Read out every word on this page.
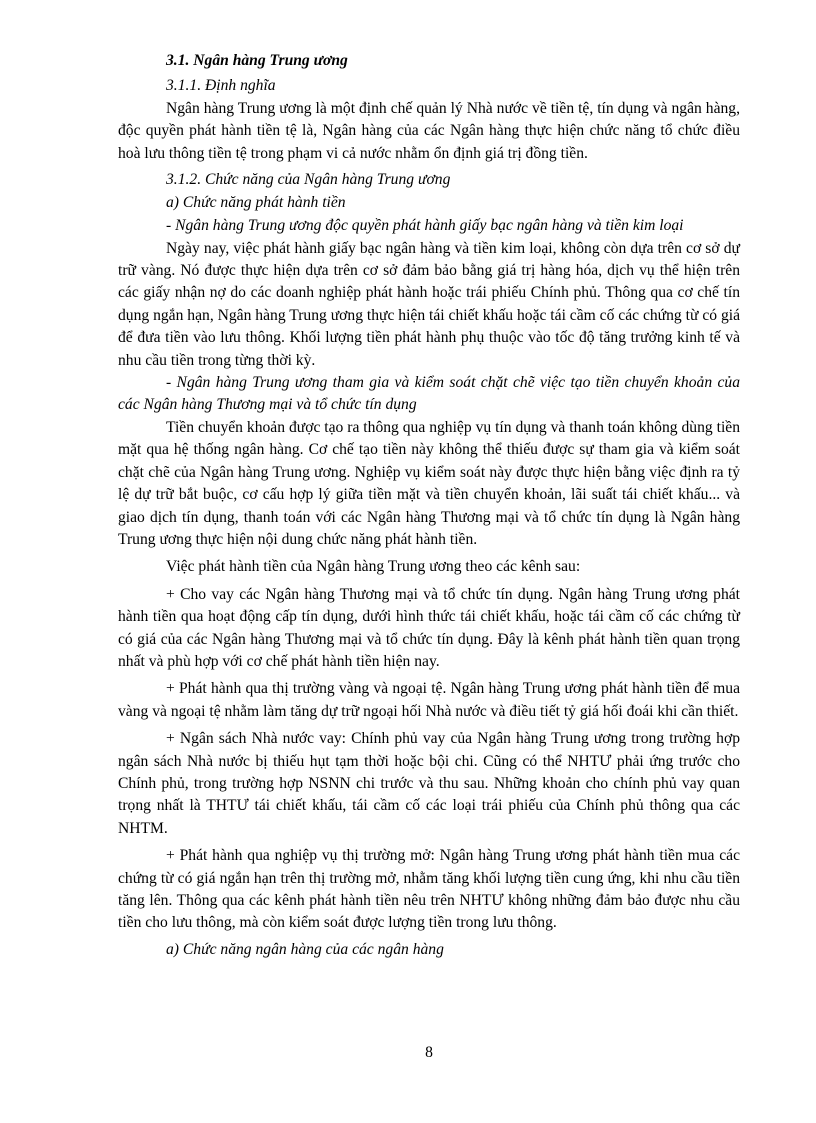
3.1. Ngân hàng Trung ương
3.1.1. Định nghĩa

Ngân hàng Trung ương là một định chế quản lý Nhà nước về tiền tệ, tín dụng và ngân hàng, độc quyền phát hành tiền tệ là, Ngân hàng của các Ngân hàng thực hiện chức năng tổ chức điều hoà lưu thông tiền tệ trong phạm vi cả nước nhằm ổn định giá trị đồng tiền.

3.1.2. Chức năng của Ngân hàng Trung ương
a) Chức năng phát hành tiền

- Ngân hàng Trung ương độc quyền phát hành giấy bạc ngân hàng và tiền kim loại

Ngày nay, việc phát hành giấy bạc ngân hàng và tiền kim loại, không còn dựa trên cơ sở dự trữ vàng. Nó được thực hiện dựa trên cơ sở đảm bảo bằng giá trị hàng hóa, dịch vụ thể hiện trên các giấy nhận nợ do các doanh nghiệp phát hành hoặc trái phiếu Chính phủ. Thông qua cơ chế tín dụng ngắn hạn, Ngân hàng Trung ương thực hiện tái chiết khấu hoặc tái cầm cố các chứng từ có giá để đưa tiền vào lưu thông. Khối lượng tiền phát hành phụ thuộc vào tốc độ tăng trưởng kinh tế và nhu cầu tiền trong từng thời kỳ.

- Ngân hàng Trung ương tham gia và kiểm soát chặt chẽ việc tạo tiền chuyển khoản của các Ngân hàng Thương mại và tổ chức tín dụng

Tiền chuyển khoản được tạo ra thông qua nghiệp vụ tín dụng và thanh toán không dùng tiền mặt qua hệ thống ngân hàng. Cơ chế tạo tiền này không thể thiếu được sự tham gia và kiểm soát chặt chẽ của Ngân hàng Trung ương. Nghiệp vụ kiểm soát này được thực hiện bằng việc định ra tỷ lệ dự trữ bắt buộc, cơ cấu hợp lý giữa tiền mặt và tiền chuyển khoản, lãi suất tái chiết khấu... và giao dịch tín dụng, thanh toán với các Ngân hàng Thương mại và tổ chức tín dụng là Ngân hàng Trung ương thực hiện nội dung chức năng phát hành tiền.

Việc phát hành tiền của Ngân hàng Trung ương theo các kênh sau:

+ Cho vay các Ngân hàng Thương mại và tổ chức tín dụng. Ngân hàng Trung ương phát hành tiền qua hoạt động cấp tín dụng, dưới hình thức tái chiết khấu, hoặc tái cầm cố các chứng từ có giá của các Ngân hàng Thương mại và tổ chức tín dụng. Đây là kênh phát hành tiền quan trọng nhất và phù hợp với cơ chế phát hành tiền hiện nay.

+ Phát hành qua thị trường vàng và ngoại tệ. Ngân hàng Trung ương phát hành tiền để mua vàng và ngoại tệ nhằm làm tăng dự trữ ngoại hối Nhà nước và điều tiết tỷ giá hối đoái khi cần thiết.

+ Ngân sách Nhà nước vay: Chính phủ vay của Ngân hàng Trung ương trong trường hợp ngân sách Nhà nước bị thiếu hụt tạm thời hoặc bội chi. Cũng có thể NHTƯ phải ứng trước cho Chính phủ, trong trường hợp NSNN chi trước và thu sau. Những khoản cho chính phủ vay quan trọng nhất là THTƯ tái chiết khấu, tái cầm cố các loại trái phiếu của Chính phủ thông qua các NHTM.

+ Phát hành qua nghiệp vụ thị trường mở: Ngân hàng Trung ương phát hành tiền mua các chứng từ có giá ngắn hạn trên thị trường mở, nhằm tăng khối lượng tiền cung ứng, khi nhu cầu tiền tăng lên. Thông qua các kênh phát hành tiền nêu trên NHTƯ không những đảm bảo được nhu cầu tiền cho lưu thông, mà còn kiểm soát được lượng tiền trong lưu thông.

a) Chức năng ngân hàng của các ngân hàng
8
